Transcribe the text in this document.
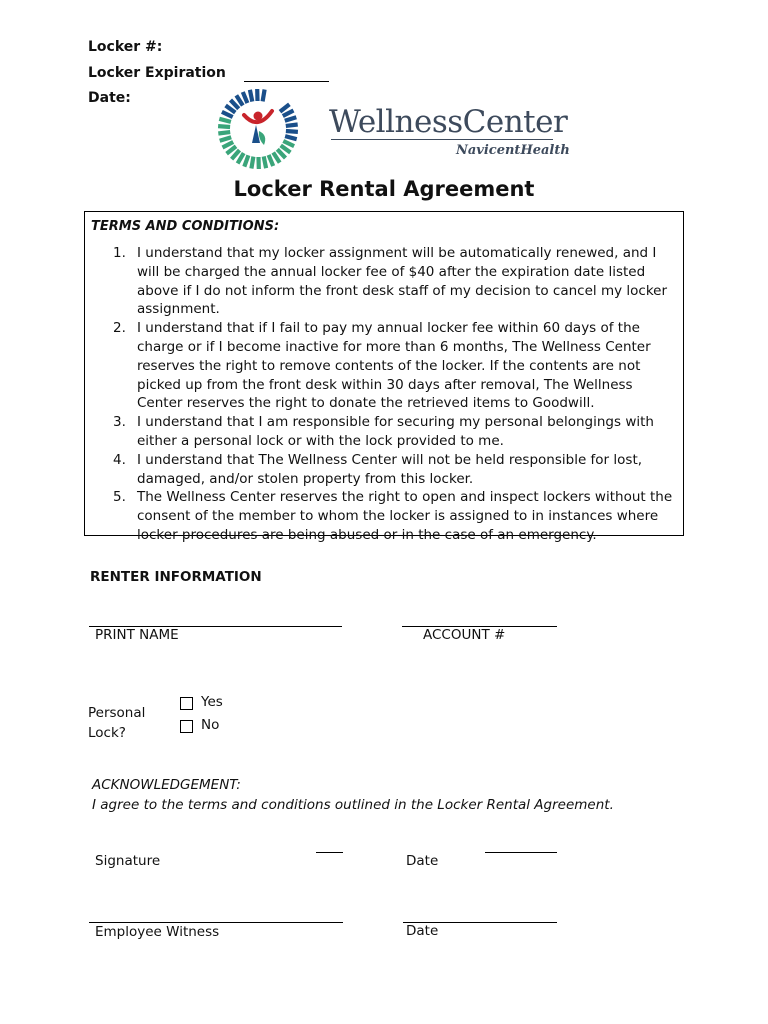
Locker #:
Locker Expiration
Date:
WellnessCenter
NavicentHealth
Locker Rental Agreement
TERMS AND CONDITIONS:
1. I understand that my locker assignment will be automatically renewed, and I will be charged the annual locker fee of $40 after the expiration date listed above if I do not inform the front desk staff of my decision to cancel my locker assignment.
2. I understand that if I fail to pay my annual locker fee within 60 days of the charge or if I become inactive for more than 6 months, The Wellness Center reserves the right to remove contents of the locker. If the contents are not picked up from the front desk within 30 days after removal, The Wellness Center reserves the right to donate the retrieved items to Goodwill.
3. I understand that I am responsible for securing my personal belongings with either a personal lock or with the lock provided to me.
4. I understand that The Wellness Center will not be held responsible for lost, damaged, and/or stolen property from this locker.
5. The Wellness Center reserves the right to open and inspect lockers without the consent of the member to whom the locker is assigned to in instances where locker procedures are being abused or in the case of an emergency.
RENTER INFORMATION
PRINT NAME	ACCOUNT #
Personal
Lock?
Yes
No
ACKNOWLEDGEMENT:
I agree to the terms and conditions outlined in the Locker Rental Agreement.
Signature	Date
Employee Witness	Date
